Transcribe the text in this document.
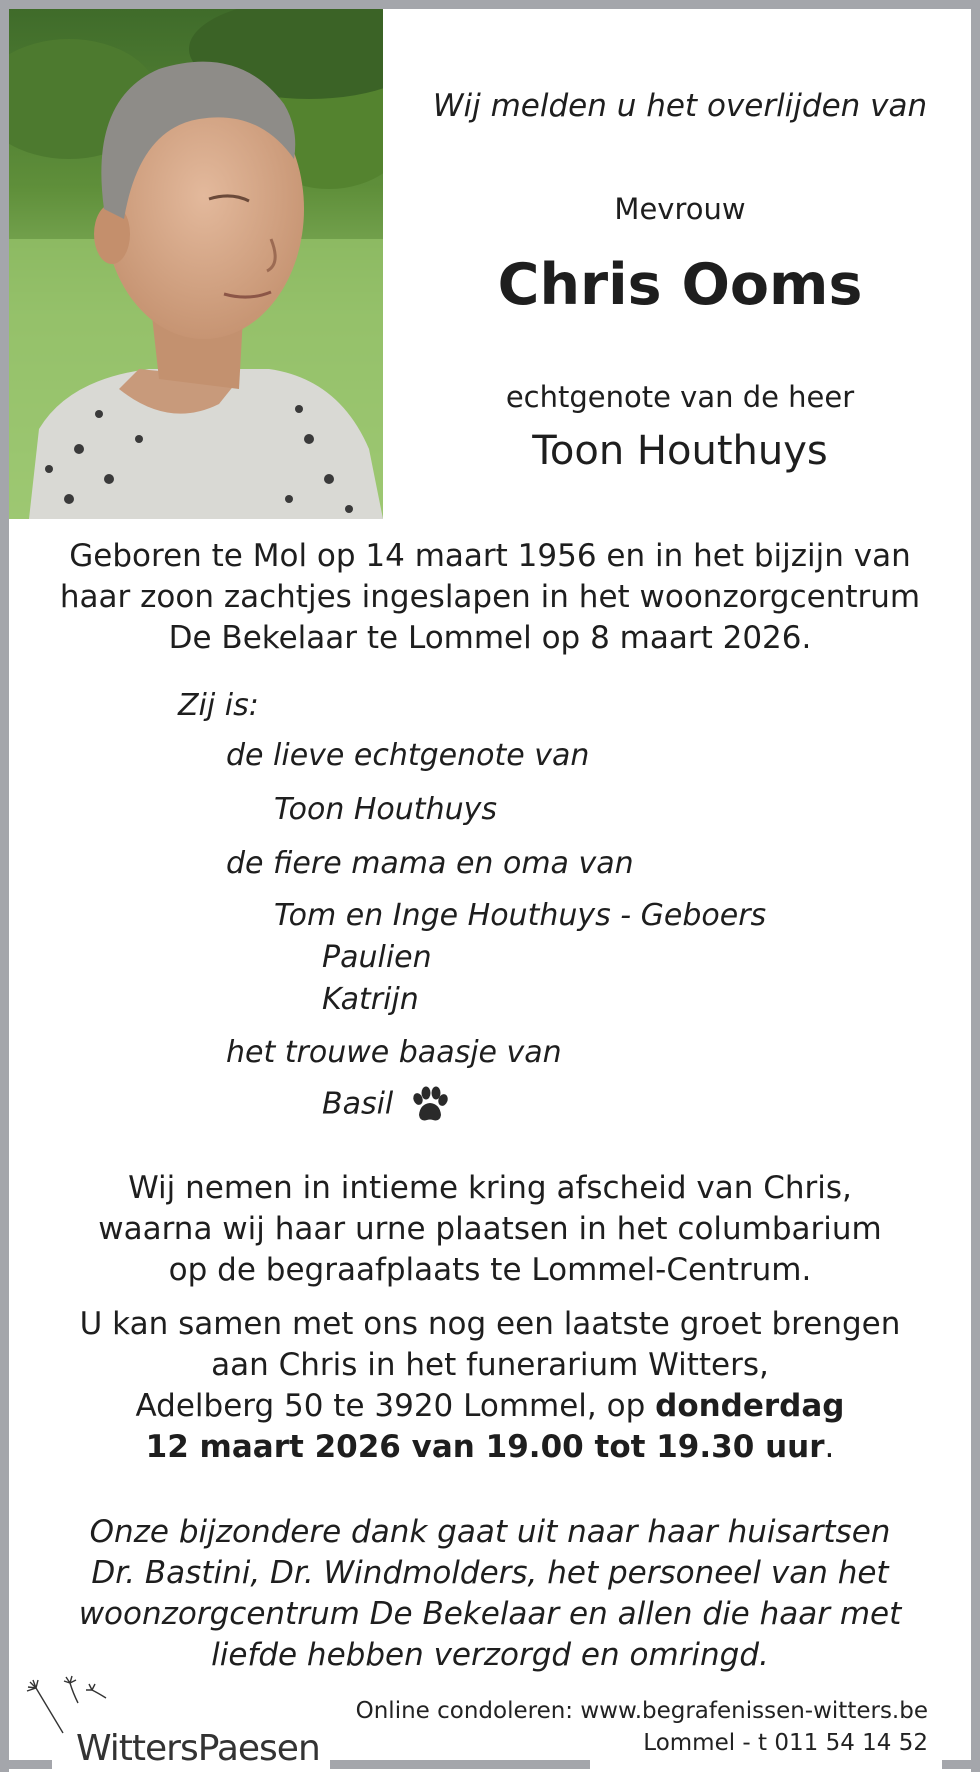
Wij melden u het overlijden van
Mevrouw
Chris Ooms
echtgenote van de heer
Toon Houthuys
Geboren te Mol op 14 maart 1956 en in het bijzijn van
haar zoon zachtjes ingeslapen in het woonzorgcentrum
De Bekelaar te Lommel op 8 maart 2026.
Zij is:
de lieve echtgenote van
Toon Houthuys
de fiere mama en oma van
Tom en Inge Houthuys - Geboers
Paulien
Katrijn
het trouwe baasje van
Basil
Wij nemen in intieme kring afscheid van Chris,
waarna wij haar urne plaatsen in het columbarium
op de begraafplaats te Lommel-Centrum.
U kan samen met ons nog een laatste groet brengen
aan Chris in het funerarium Witters,
Adelberg 50 te 3920 Lommel, op donderdag
12 maart 2026 van 19.00 tot 19.30 uur.
Onze bijzondere dank gaat uit naar haar huisartsen
Dr. Bastini, Dr. Windmolders, het personeel van het
woonzorgcentrum De Bekelaar en allen die haar met
liefde hebben verzorgd en omringd.
WittersPaesen
Online condoleren: www.begrafenissen-witters.be
Lommel - t 011 54 14 52
